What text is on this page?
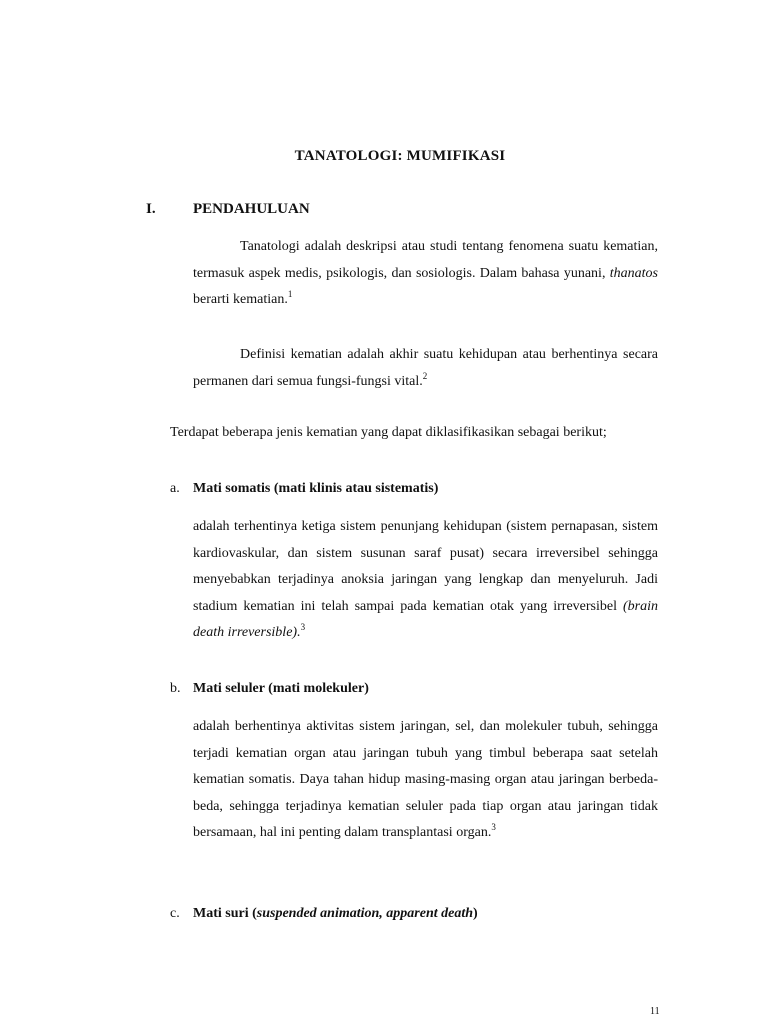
TANATOLOGI: MUMIFIKASI
I. PENDAHULUAN

Tanatologi adalah deskripsi atau studi tentang fenomena suatu kematian, termasuk aspek medis, psikologis, dan sosiologis. Dalam bahasa yunani, thanatos berarti kematian.$^1$

Definisi kematian adalah akhir suatu kehidupan atau berhentinya secara permanen dari semua fungsi-fungsi vital.$^2$

Terdapat beberapa jenis kematian yang dapat diklasifikasikan sebagai berikut;

a. Mati somatis (mati klinis atau sistematis)

adalah terhentinya ketiga sistem penunjang kehidupan (sistem pernapasan, sistem kardiovaskular, dan sistem susunan saraf pusat) secara irreversibel sehingga menyebabkan terjadinya anoksia jaringan yang lengkap dan menyeluruh. Jadi stadium kematian ini telah sampai pada kematian otak yang irreversibel (brain death irreversible).$^3$

b. Mati seluler (mati molekuler)

adalah berhentinya aktivitas sistem jaringan, sel, dan molekuler tubuh, sehingga terjadi kematian organ atau jaringan tubuh yang timbul beberapa saat setelah kematian somatis. Daya tahan hidup masing-masing organ atau jaringan berbeda-beda, sehingga terjadinya kematian seluler pada tiap organ atau jaringan tidak bersamaan, hal ini penting dalam transplantasi organ.$^3$

c. Mati suri (suspended animation, apparent death)
11
